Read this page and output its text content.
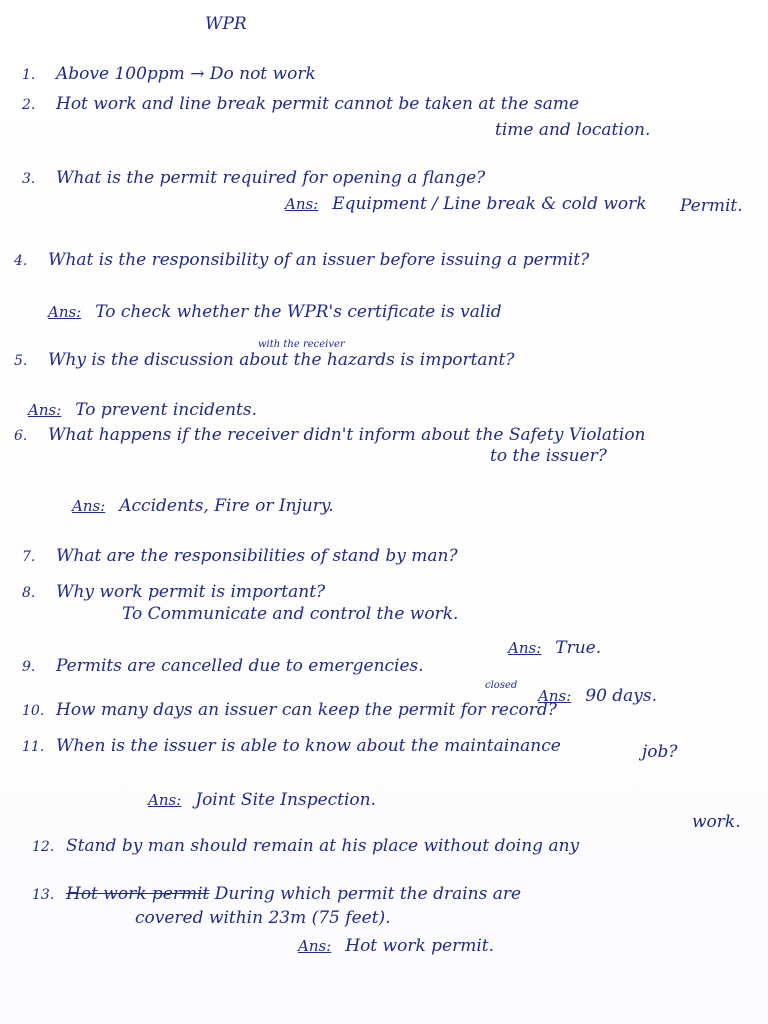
WPR
1. Above 100ppm → Do not work
2. Hot work and line break permit cannot be taken at the same
time and location.
3. What is the permit required for opening a flange?
Ans: Equipment / Line break & cold work Permit.
4. What is the responsibility of an issuer before issuing a permit?
Ans: To check whether the WPR's certificate is valid
with the receiver
5. Why is the discussion about the hazards is important?
Ans: To prevent incidents.
6. What happens if the receiver didn't inform about the Safety Violation
to the issuer?
Ans: Accidents, Fire or Injury.
7. What are the responsibilities of stand by man?
8. Why work permit is important?
To Communicate and control the work.
9. Permits are cancelled due to emergencies.
Ans: True.
closed
10. How many days an issuer can keep the permit for record?
Ans: 90 days.
11. When is the issuer is able to know about the maintainance	job?
Ans: Joint Site Inspection.
12. Stand by man should remain at his place without doing any
work.
13. Hot work permit During which permit the drains are
covered within 23m (75 feet).
Ans: Hot work permit.
